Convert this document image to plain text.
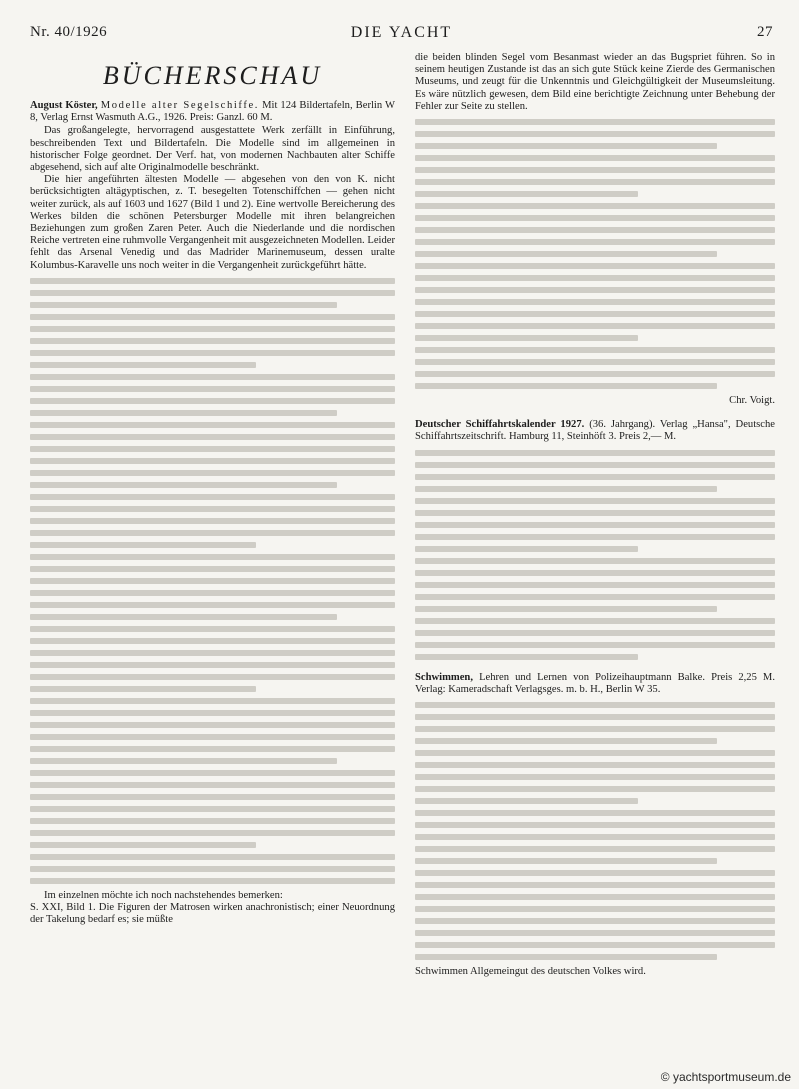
Nr. 40/1926	DIE YACHT	27
BÜCHERSCHAU

August Köster, Modelle alter Segelschiffe. Mit 124 Bildertafeln, Berlin W 8, Verlag Ernst Wasmuth A.G., 1926. Preis: Ganzl. 60 M.

Das großangelegte, hervorragend ausgestattete Werk zerfällt in Einführung, beschreibenden Text und Bildertafeln. Die Modelle sind im allgemeinen in historischer Folge geordnet. Der Verf. hat, von modernen Nachbauten alter Schiffe abgesehend, sich auf alte Originalmodelle beschränkt.

Die hier angeführten ältesten Modelle — abgesehen von den von K. nicht berücksichtigten altägyptischen, z. T. besegelten Totenschiffchen — gehen nicht weiter zurück, als auf 1603 und 1627 (Bild 1 und 2). Eine wertvolle Bereicherung des Werkes bilden die schönen Petersburger Modelle mit ihren belangreichen Beziehungen zum großen Zaren Peter. Auch die Niederlande und die nordischen Reiche vertreten eine ruhmvolle Vergangenheit mit ausgezeichneten Modellen. Leider fehlt das Arsenal Venedig und das Madrider Marinemuseum, dessen uralte Kolumbus-Karavelle uns noch weiter in die Vergangenheit zurückgeführt hätte.

Im einzelnen möchte ich noch nachstehendes bemerken:

S. XXI, Bild 1. Die Figuren der Matrosen wirken anachronistisch; einer Neuordnung der Takelung bedarf es; sie müßte

die beiden blinden Segel vom Besanmast wieder an das Bugspriet führen. So in seinem heutigen Zustande ist das an sich gute Stück keine Zierde des Germanischen Museums, und zeugt für die Unkenntnis und Gleichgültigkeit der Museumsleitung. Es wäre nützlich gewesen, dem Bild eine berichtigte Zeichnung unter Behebung der Fehler zur Seite zu stellen.

Chr. Voigt.

Deutscher Schiffahrtskalender 1927. (36. Jahrgang). Verlag „Hansa", Deutsche Schiffahrtszeitschrift. Hamburg 11, Steinhöft 3. Preis 2,— M.

Schwimmen, Lehren und Lernen von Polizeihauptmann Balke. Preis 2,25 M. Verlag: Kameradschaft Verlagsges. m. b. H., Berlin W 35.

Schwimmen Allgemeingut des deutschen Volkes wird.

© yachtsportmuseum.de
